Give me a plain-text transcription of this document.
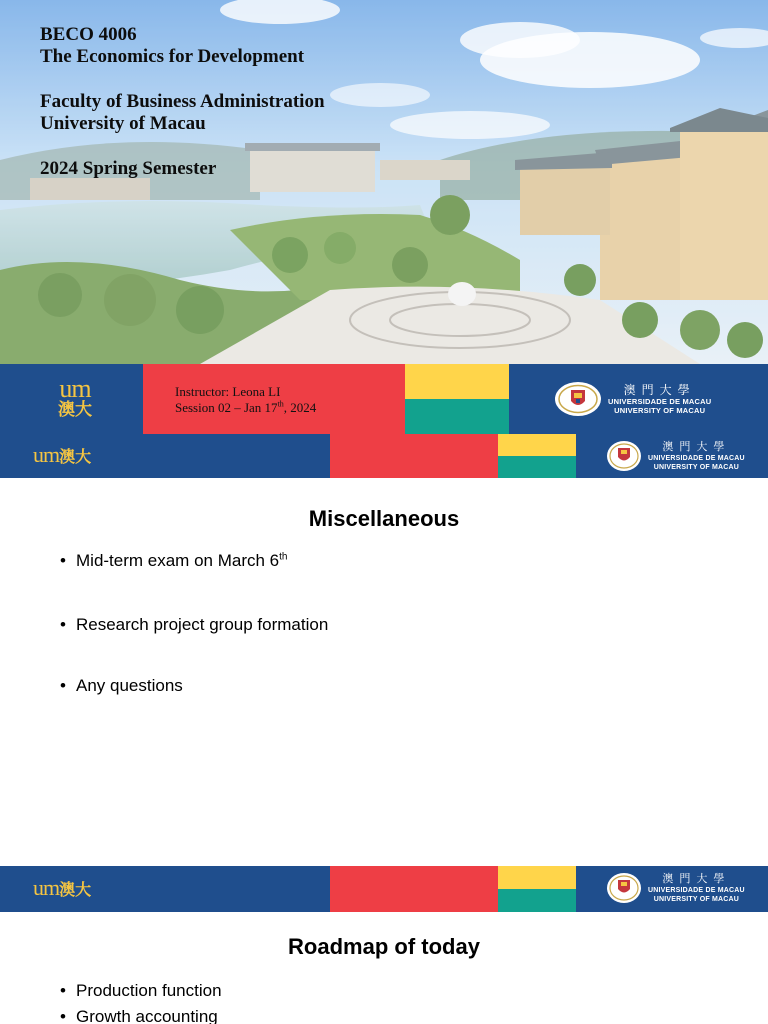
BECO 4006
The Economics for Development
Faculty of Business Administration
University of Macau
2024 Spring Semester
um
澳大
Instructor: Leona LI
Session 02 – Jan 17th, 2024
澳門大學
UNIVERSIDADE DE MACAU
UNIVERSITY OF MACAU
um澳大
澳門大學
UNIVERSIDADE DE MACAU
UNIVERSITY OF MACAU
Miscellaneous
• Mid-term exam on March 6th
• Research project group formation
• Any questions
um澳大
澳門大學
UNIVERSIDADE DE MACAU
UNIVERSITY OF MACAU
Roadmap of today
• Production function
• Growth accounting
